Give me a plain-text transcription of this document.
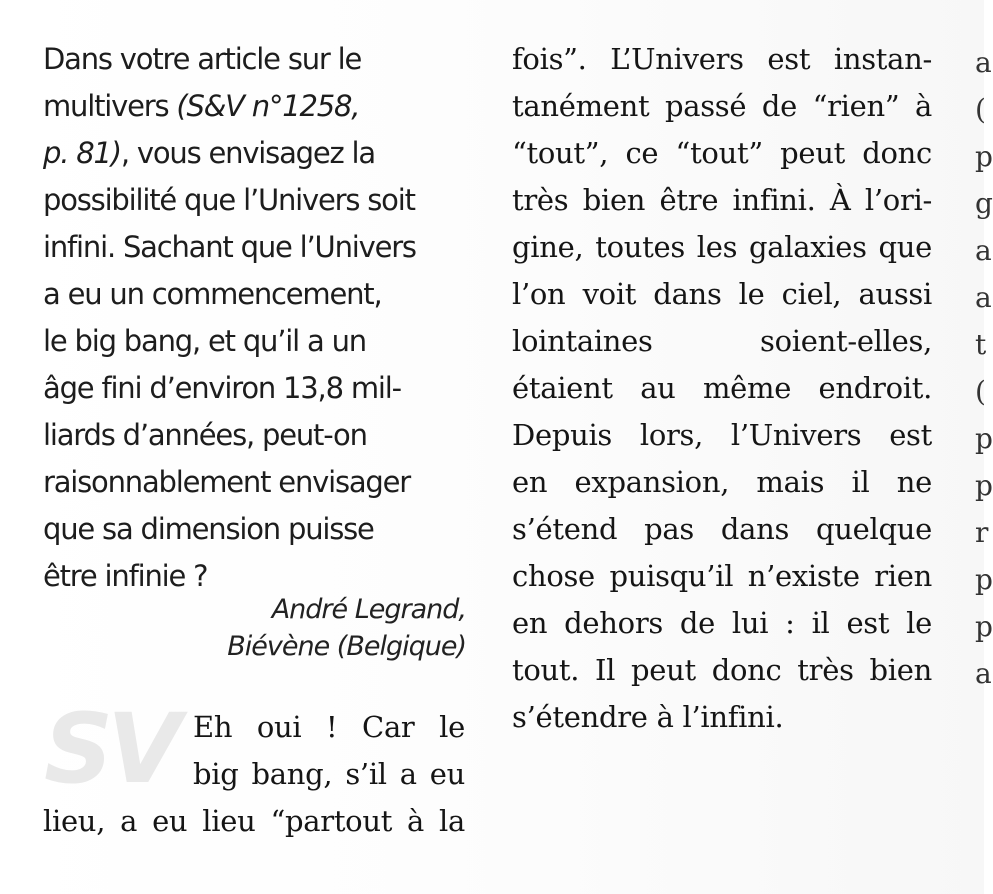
Dans votre article sur le
multivers (S&V n°1258,
p. 81), vous envisagez la
possibilité que l’Univers soit
infini. Sachant que l’Univers
a eu un commencement,
le big bang, et qu’il a un
âge fini d’environ 13,8 mil-
liards d’années, peut-on
raisonnablement envisager
que sa dimension puisse
être infinie ?
André Legrand,
Biévène (Belgique)
SV Eh oui ! Car le
big bang, s’il a eu
lieu, a eu lieu “partout à la
fois”. L’Univers est instan-
tanément passé de “rien” à
“tout”, ce “tout” peut donc
très bien être infini. À l’ori-
gine, toutes les galaxies que
l’on voit dans le ciel, aussi
lointaines soient-elles,
étaient au même endroit.
Depuis lors, l’Univers est
en expansion, mais il ne
s’étend pas dans quelque
chose puisqu’il n’existe rien
en dehors de lui : il est le
tout. Il peut donc très bien
s’étendre à l’infini.
a
(
p
g
a
a
t
(
p
p
r
p
p
a
